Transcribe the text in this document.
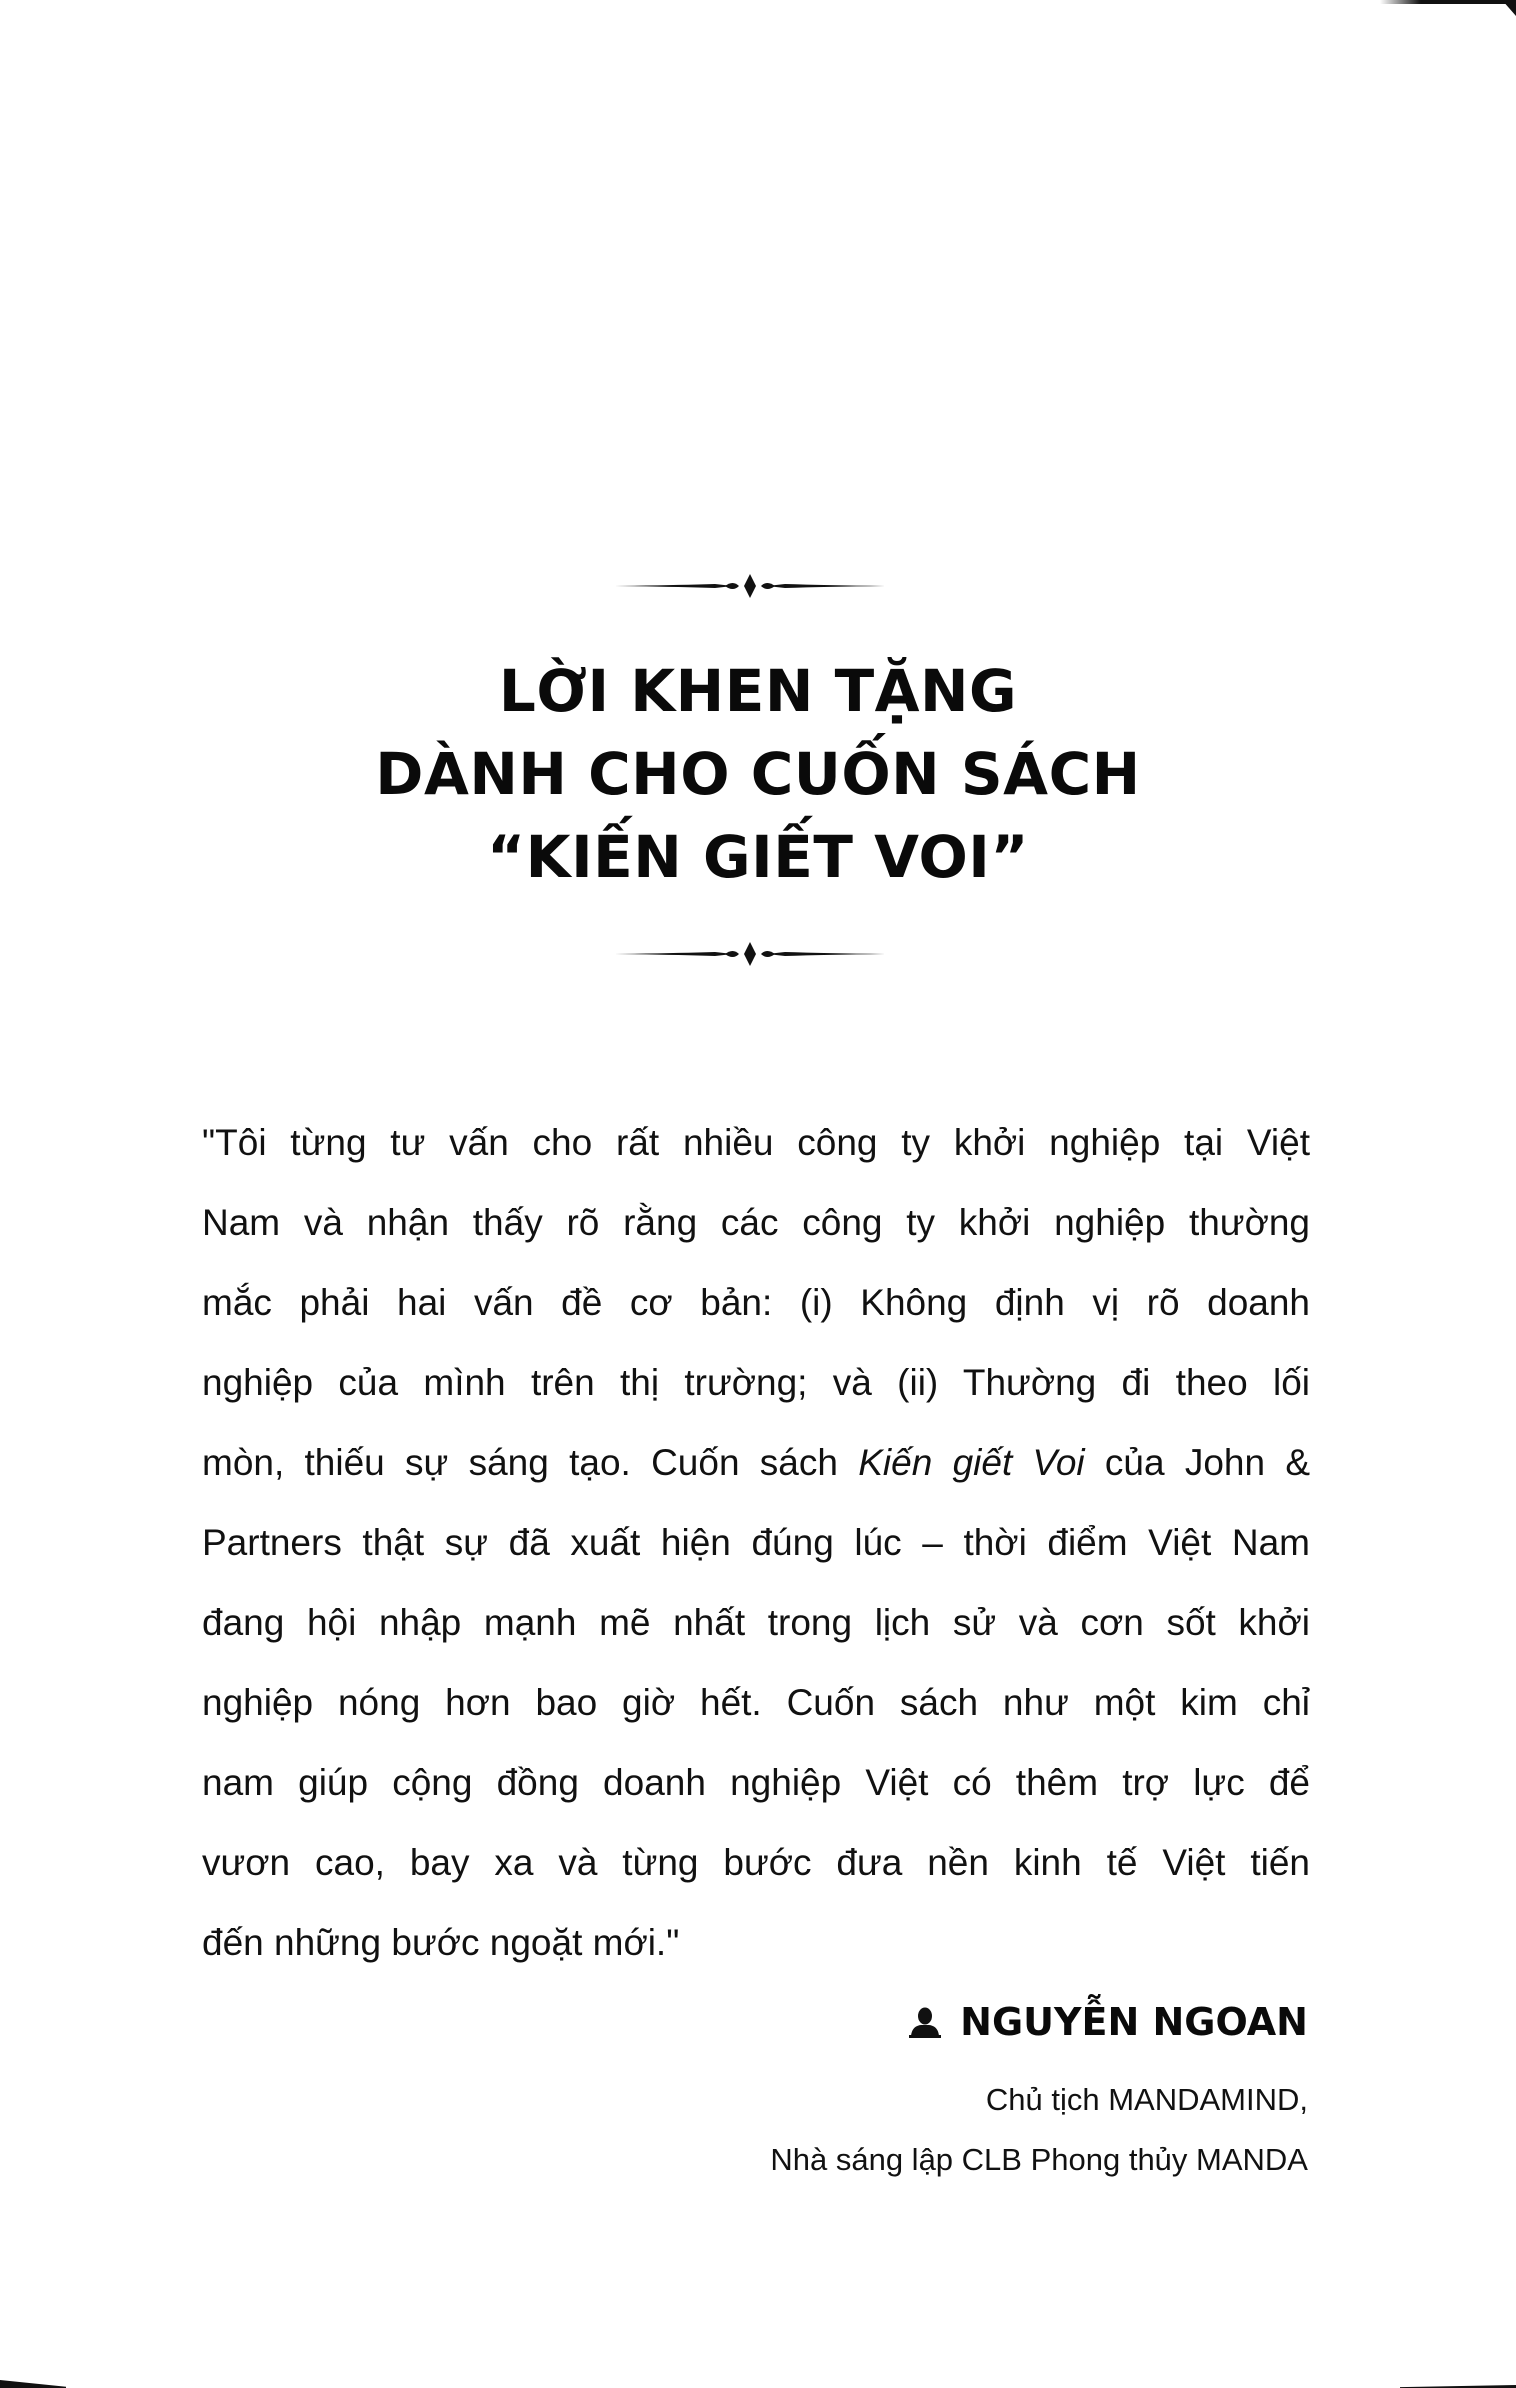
LỜI KHEN TẶNG
DÀNH CHO CUỐN SÁCH
“KIẾN GIẾT VOI”
"Tôi từng tư vấn cho rất nhiều công ty khởi nghiệp tại Việt
Nam và nhận thấy rõ rằng các công ty khởi nghiệp thường
mắc phải hai vấn đề cơ bản: (i) Không định vị rõ doanh
nghiệp của mình trên thị trường; và (ii) Thường đi theo lối
mòn, thiếu sự sáng tạo. Cuốn sách Kiến giết Voi của John &
Partners thật sự đã xuất hiện đúng lúc – thời điểm Việt Nam
đang hội nhập mạnh mẽ nhất trong lịch sử và cơn sốt khởi
nghiệp nóng hơn bao giờ hết. Cuốn sách như một kim chỉ
nam giúp cộng đồng doanh nghiệp Việt có thêm trợ lực để
vươn cao, bay xa và từng bước đưa nền kinh tế Việt tiến
đến những bước ngoặt mới."
NGUYỄN NGOAN
Chủ tịch MANDAMIND,
Nhà sáng lập CLB Phong thủy MANDA
